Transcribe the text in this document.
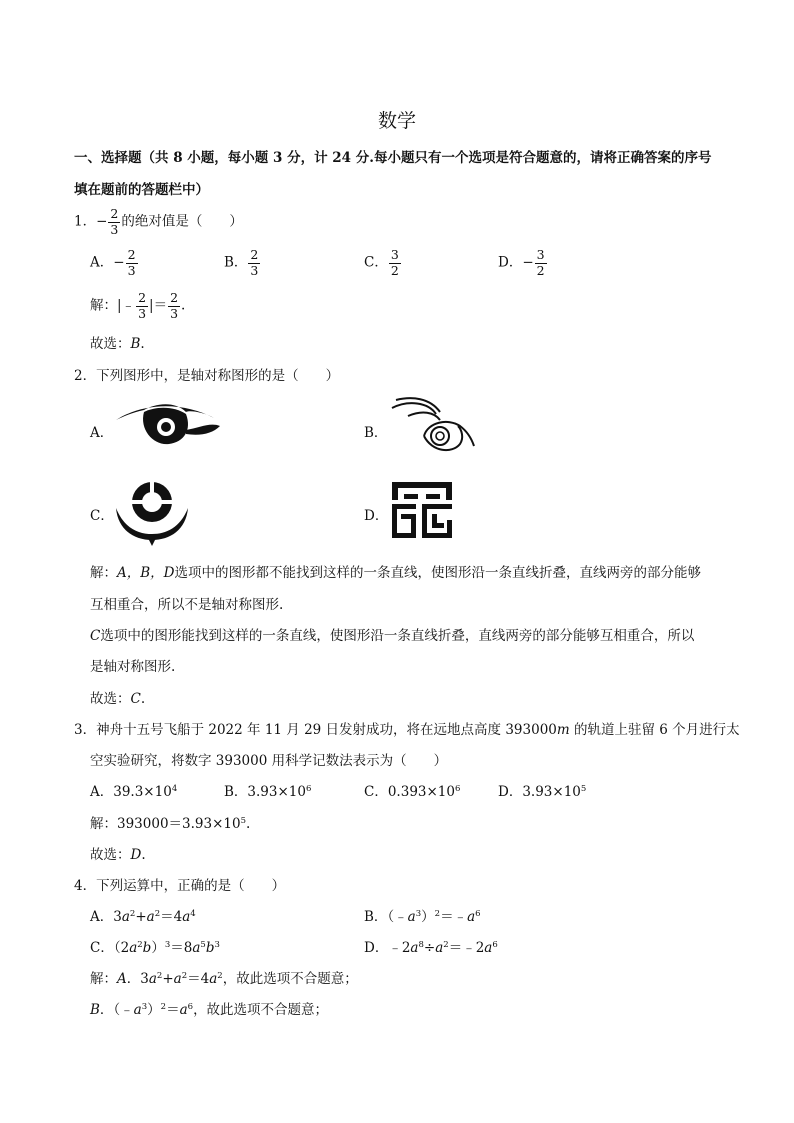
数学
一、选择题（共 8 小题，每小题 3 分，计 24 分.每小题只有一个选项是符合题意的，请将正确答案的序号
填在题前的答题栏中）
1．− $\frac{2}{3}$ 的绝对值是（　　）
A．− $\frac{2}{3}$	B． $\frac{2}{3}$	C． $\frac{3}{2}$	D．− $\frac{3}{2}$
解：|﹣ $\frac{2}{3}$ |＝ $\frac{2}{3}$ .
故选：B.
2．下列图形中，是轴对称图形的是（　　）
A．	B．
C．	D．
解：A，B，D选项中的图形都不能找到这样的一条直线，使图形沿一条直线折叠，直线两旁的部分能够
互相重合，所以不是轴对称图形.
C选项中的图形能找到这样的一条直线，使图形沿一条直线折叠，直线两旁的部分能够互相重合，所以
是轴对称图形.
故选：C.
3．神舟十五号飞船于 2022 年 11 月 29 日发射成功，将在远地点高度 393000m 的轨道上驻留 6 个月进行太
空实验研究，将数字 393000 用科学记数法表示为（　　）
A．$39.3\times 10^4$	B．$3.93\times 10^6$	C．$0.393\times 10^6$	D．$3.93\times 10^5$
解：$393000=3.93\times 10^5$.
故选：D.
4．下列运算中，正确的是（　　）
A．$3a^2+a^2=4a^4$	B．$(﹣a^3)^2=﹣a^6$
C．$(2a^2b)^3=8a^5b^3$	D．$﹣2a^8\div a^2=﹣2a^6$
解：A．$3a^2+a^2=4a^2$，故此选项不合题意；
B．$(﹣a^3)^2=a^6$，故此选项不合题意；
